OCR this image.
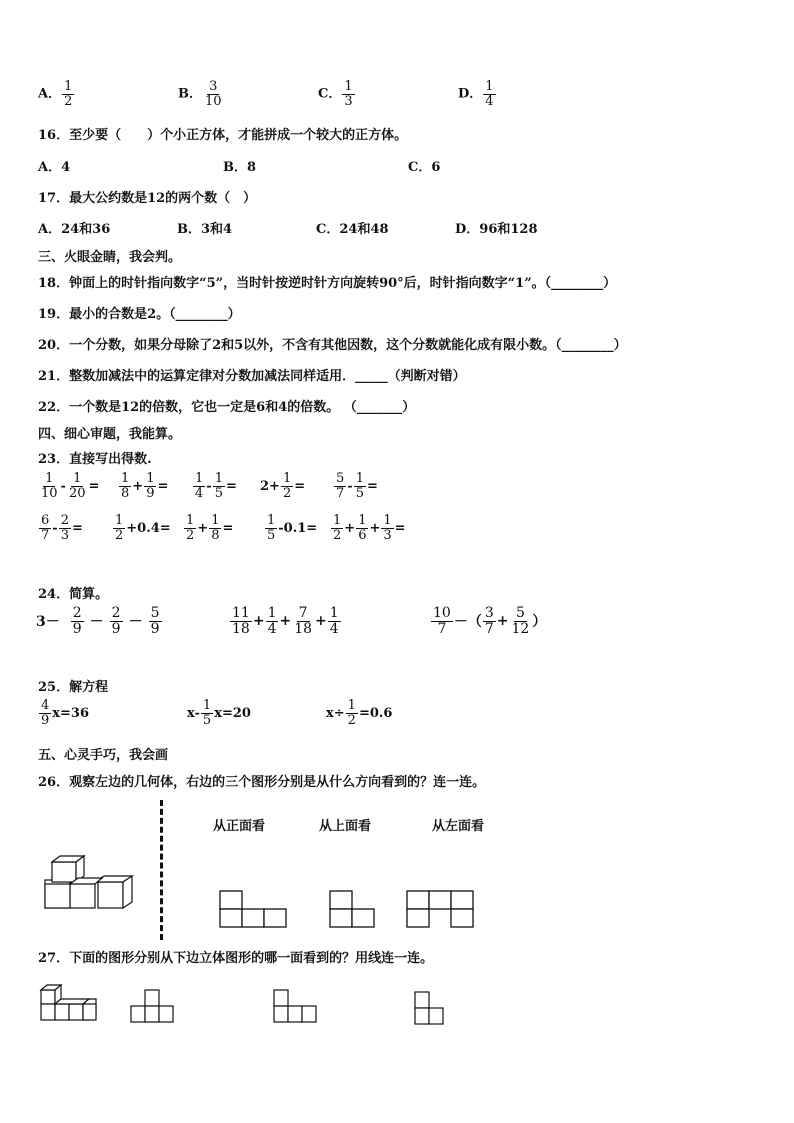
A． $\frac{1}{2}$	B． $\frac{3}{10}$	C． $\frac{1}{3}$	D． $\frac{1}{4}$
16．至少要（　　）个小正方体，才能拼成一个较大的正方体。
A．4	B．8	C．6
17．最大公约数是12的两个数（　）
A．24和36	B．3和4	C．24和48	D．96和128
三、火眼金睛，我会判。
18．钟面上的时针指向数字“5”，当时针按逆时针方向旋转90°后，时针指向数字“1”。（________）
19．最小的合数是2。（________）
20．一个分数，如果分母除了2和5以外，不含有其他因数，这个分数就能化成有限小数。（________）
21．整数加减法中的运算定律对分数加减法同样适用．_____（判断对错）
22．一个数是12的倍数，它也一定是6和4的倍数。 （_______）
四、细心审题，我能算。
23．直接写出得数.
$\frac{1}{10} - \frac{1}{20} = \frac{1}{8} + \frac{1}{9} = \frac{1}{4} - \frac{1}{5} = 2+ \frac{1}{2} = \frac{5}{7} - \frac{1}{5}$ =
$\frac{6}{7} - \frac{2}{3} = \frac{1}{2} +0.4= \frac{1}{2} + \frac{1}{8} = \frac{1}{5} -0.1= \frac{1}{2} + \frac{1}{6} + \frac{1}{3}$ =
24．简算。
$3- \frac{2}{9} - \frac{2}{9} - \frac{5}{9}$	$\frac{11}{18} + \frac{1}{4} + \frac{7}{18} + \frac{1}{4}$	$\frac{10}{7}$ －（ $\frac{3}{7} + \frac{5}{12}$ ）
25．解方程
$\frac{4}{9} x=36$	$x- \frac{1}{5} x=20$	$x\div \frac{1}{2} =0.6$
五、心灵手巧，我会画
26．观察左边的几何体，右边的三个图形分别是从什么方向看到的？连一连。
从正面看	从上面看	从左面看
27．下面的图形分别从下边立体图形的哪一面看到的？用线连一连。
